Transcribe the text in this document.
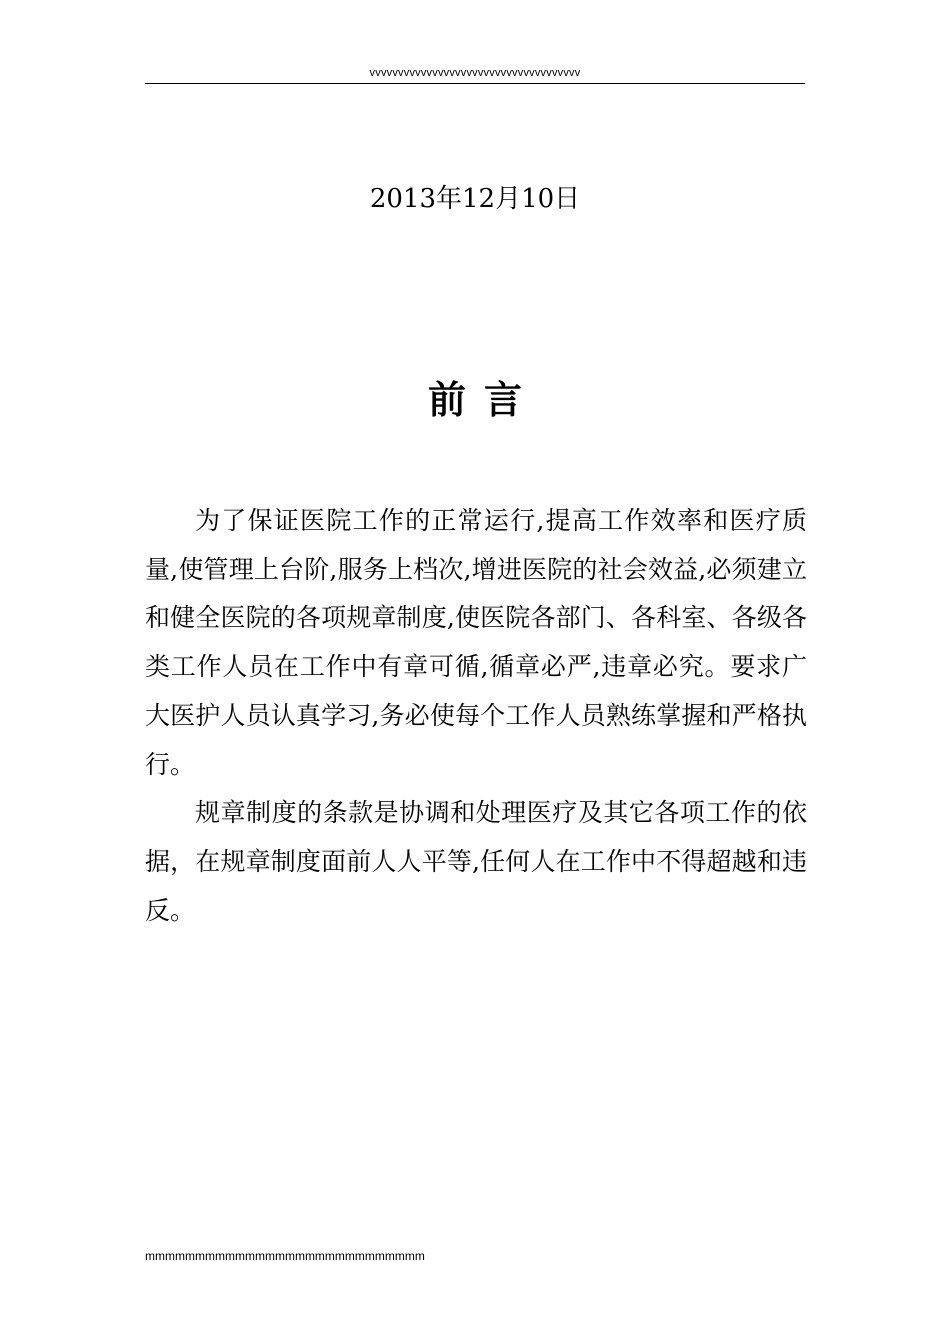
vvvvvvvvvvvvvvvvvvvvvvvvvvvvvvvvvvvvv
2013年12月10日
前言

为了保证医院工作的正常运行,提高工作效率和医疗质量,使管理上台阶,服务上档次,增进医院的社会效益,必须建立和健全医院的各项规章制度,使医院各部门、各科室、各级各类工作人员在工作中有章可循,循章必严,违章必究。要求广大医护人员认真学习,务必使每个工作人员熟练掌握和严格执行。

规章制度的条款是协调和处理医疗及其它各项工作的依据，在规章制度面前人人平等,任何人在工作中不得超越和违反。

mmmmmmmmmmmmmmmmmmmmmmmmmmmm
